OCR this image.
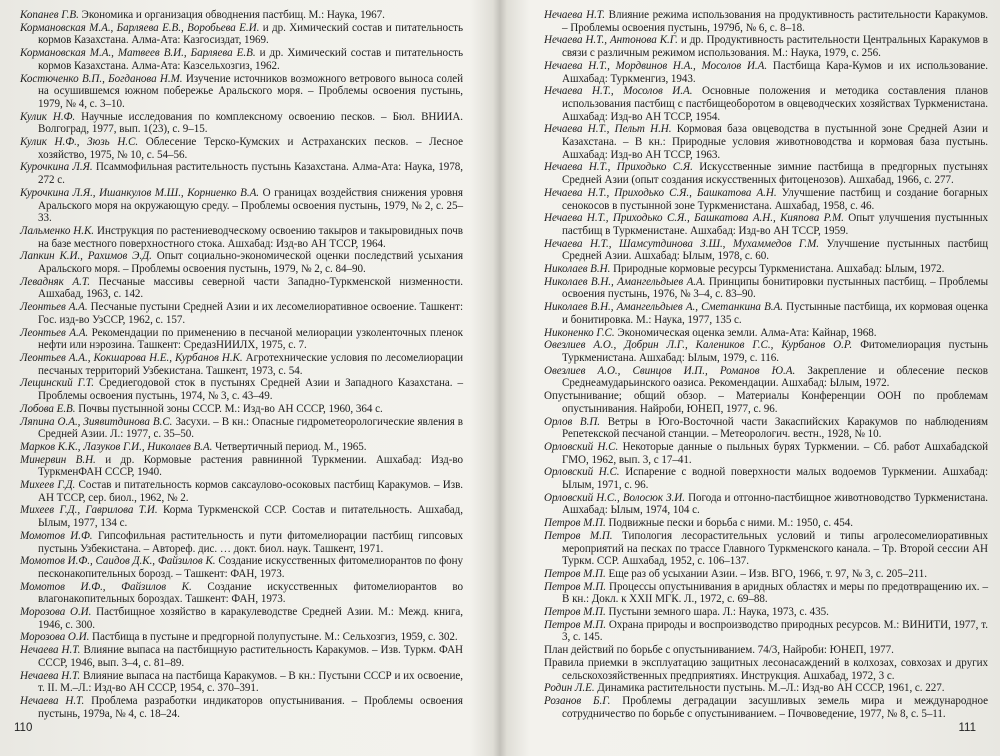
Копанев Г.В. Экономика и организация обводнения пастбищ. М.: Наука, 1967.
Кормановская М.А., Барляева Е.В., Воробьева Е.И. и др. Химический состав и питательность кормов Казахстана. Алма-Ата: Казгосиздат, 1969.
Кормановская М.А., Матвеев В.И., Барляева Е.В. и др. Химический состав и питательность кормов Казахстана. Алма-Ата: Казсельхозгиз, 1962.
Костюченко В.П., Богданова Н.М. Изучение источников возможного ветрового выноса солей на осушившемся южном побережье Аральского моря. – Проблемы освоения пустынь, 1979, № 4, с. 3–10.
Кулик Н.Ф. Научные исследования по комплексному освоению песков. – Бюл. ВНИИА. Волгоград, 1977, вып. 1(23), с. 9–15.
Кулик Н.Ф., Зюзь Н.С. Облесение Терско-Кумских и Астраханских песков. – Лесное хозяйство, 1975, № 10, с. 54–56.
Курочкина Л.Я. Псаммофильная растительность пустынь Казахстана. Алма-Ата: Наука, 1978, 272 с.
Курочкина Л.Я., Ишанкулов М.Ш., Корниенко В.А. О границах воздействия снижения уровня Аральского моря на окружающую среду. – Проблемы освоения пустынь, 1979, № 2, с. 25–33.
Лальменко Н.К. Инструкция по растениеводческому освоению такыров и такыровидных почв на базе местного поверхностного стока. Ашхабад: Изд-во АН ТССР, 1964.
Лапкин К.И., Рахимов Э.Д. Опыт социально-экономической оценки последствий усыхания Аральского моря. – Проблемы освоения пустынь, 1979, № 2, с. 84–90.
Левадняк А.Т. Песчаные массивы северной части Западно-Туркменской низменности. Ашхабад, 1963, с. 142.
Леонтьев А.А. Песчаные пустыни Средней Азии и их лесомелиоративное освоение. Ташкент: Гос. изд-во УзССР, 1962, с. 157.
Леонтьев А.А. Рекомендации по применению в песчаной мелиорации узколенточных пленок нефти или нэрозина. Ташкент: СредазНИИЛХ, 1975, с. 7.
Леонтьев А.А., Кокшарова Н.Е., Курбанов Н.К. Агротехнические условия по лесомелиорации песчаных территорий Узбекистана. Ташкент, 1973, с. 54.
Лещинский Г.Т. Средиегодовой сток в пустынях Средней Азии и Западного Казахстана. – Проблемы освоения пустынь, 1974, № 3, с. 43–49.
Лобова Е.В. Почвы пустынной зоны СССР. М.: Изд-во АН СССР, 1960, 364 с.
Ляпина О.А., Зиявитдинова В.С. Засухи. – В кн.: Опасные гидрометеорологические явления в Средней Азии. Л.: 1977, с. 35–50.
Марков К.К., Лазуков Г.И., Николаев В.А. Четвертичный период. М., 1965.
Минервин В.Н. и др. Кормовые растения равнинной Туркмении. Ашхабад: Изд-во ТуркменФАН СССР, 1940.
Михеев Г.Д. Состав и питательность кормов саксаулово-осоковых пастбищ Каракумов. – Изв. АН ТССР, сер. биол., 1962, № 2.
Михеев Г.Д., Гаврилова Т.И. Корма Туркменской ССР. Состав и питательность. Ашхабад, Ылым, 1977, 134 с.
Момотов И.Ф. Гипсофильная растительность и пути фитомелиорации пастбищ гипсовых пустынь Узбекистана. – Автореф. дис. … докт. биол. наук. Ташкент, 1971.
Момотов И.Ф., Саидов Д.К., Файзилов К. Создание искусственных фитомелиорантов по фону песконакопительных борозд. – Ташкент: ФАН, 1973.
Момотов И.Ф., Файзилов К. Создание искусственных фитомелиорантов во влагонакопительных бороздах. Ташкент: ФАН, 1973.
Морозова О.И. Пастбищное хозяйство в каракулеводстве Средней Азии. М.: Межд. книга, 1946, с. 300.
Морозова О.И. Пастбища в пустыне и предгорной полупустыне. М.: Сельхозгиз, 1959, с. 302.
Нечаева Н.Т. Влияние выпаса на пастбищную растительность Каракумов. – Изв. Туркм. ФАН СССР, 1946, вып. 3–4, с. 81–89.
Нечаева Н.Т. Влияние выпаса на пастбища Каракумов. – В кн.: Пустыни СССР и их освоение, т. II. М.–Л.: Изд-во АН СССР, 1954, с. 370–391.
Нечаева Н.Т. Проблема разработки индикаторов опустынивания. – Проблемы освоения пустынь, 1979а, № 4, с. 18–24.
110
Нечаева Н.Т. Влияние режима использования на продуктивность растительности Каракумов. – Проблемы освоения пустынь, 1979б, № 6, с. 8–18.
Нечаева Н.Т., Антонова К.Г. и др. Продуктивность растительности Центральных Каракумов в связи с различным режимом использования. М.: Наука, 1979, с. 256.
Нечаева Н.Т., Мордвинов Н.А., Мосолов И.А. Пастбища Кара-Кумов и их использование. Ашхабад: Туркменгиз, 1943.
Нечаева Н.Т., Мосолов И.А. Основные положения и методика составления планов использования пастбищ с пастбищеоборотом в овцеводческих хозяйствах Туркменистана. Ашхабад: Изд-во АН ТССР, 1954.
Нечаева Н.Т., Пельт Н.Н. Кормовая база овцеводства в пустынной зоне Средней Азии и Казахстана. – В кн.: Природные условия животноводства и кормовая база пустынь. Ашхабад: Изд-во АН ТССР, 1963.
Нечаева Н.Т., Приходько С.Я. Искусственные зимние пастбища в предгорных пустынях Средней Азии (опыт создания искусственных фитоценозов). Ашхабад, 1966, с. 277.
Нечаева Н.Т., Приходько С.Я., Башкатова А.Н. Улучшение пастбищ и создание богарных сенокосов в пустынной зоне Туркменистана. Ашхабад, 1958, с. 46.
Нечаева Н.Т., Приходько С.Я., Башкатова А.Н., Кияпова Р.М. Опыт улучшения пустынных пастбищ в Туркменистане. Ашхабад: Изд-во АН ТССР, 1959.
Нечаева Н.Т., Шамсутдинова З.Ш., Мухаммедов Г.М. Улучшение пустынных пастбищ Средней Азии. Ашхабад: Ылым, 1978, с. 60.
Николаев В.Н. Природные кормовые ресурсы Туркменистана. Ашхабад: Ылым, 1972.
Николаев В.Н., Амангельдыев А.А. Принципы бонитировки пустынных пастбищ. – Проблемы освоения пустынь, 1976, № 3–4, с. 83–90.
Николаев В.Н., Амангельдыев А., Сметанкина В.А. Пустынные пастбища, их кормовая оценка и бонитировка. М.: Наука, 1977, 135 с.
Никоненко Г.С. Экономическая оценка земли. Алма-Ата: Кайнар, 1968.
Овезлиев А.О., Добрин Л.Г., Калеников Г.С., Курбанов О.Р. Фитомелиорация пустынь Туркменистана. Ашхабад: Ылым, 1979, с. 116.
Овезлиев А.О., Свинцов И.П., Романов Ю.А. Закрепление и облесение песков Среднеамударьинского оазиса. Рекомендации. Ашхабад: Ылым, 1972.
Опустынивание; общий обзор. – Материалы Конференции ООН по проблемам опустынивания. Найроби, ЮНЕП, 1977, с. 96.
Орлов В.П. Ветры в Юго-Восточной части Закаспийских Каракумов по наблюдениям Репетекской песчаной станции. – Метеорологич. вестн., 1928, № 10.
Орловский Н.С. Некоторые данные о пыльных бурях Туркмении. – Сб. работ Ашхабадской ГМО, 1962, вып. 3, с 17–41.
Орловский Н.С. Испарение с водной поверхности малых водоемов Туркмении. Ашхабад: Ылым, 1971, с. 96.
Орловский Н.С., Волосюк З.И. Погода и отгонно-пастбищное животноводство Туркменистана. Ашхабад: Ылым, 1974, 104 с.
Петров М.П. Подвижные пески и борьба с ними. М.: 1950, с. 454.
Петров М.П. Типология лесорастительных условий и типы агролесомелиоративных мероприятий на песках по трассе Главного Туркменского канала. – Тр. Второй сессии АН Туркм. ССР. Ашхабад, 1952, с. 106–137.
Петров М.П. Еще раз об усыхании Азии. – Изв. ВГО, 1966, т. 97, № 3, с. 205–211.
Петров М.П. Процессы опустынивания в аридных областях и меры по предотвращению их. – В кн.: Докл. к XXII МГК. Л., 1972, с. 69–88.
Петров М.П. Пустыни земного шара. Л.: Наука, 1973, с. 435.
Петров М.П. Охрана природы и воспроизводство природных ресурсов. М.: ВИНИТИ, 1977, т. 3, с. 145.
План действий по борьбе с опустыниванием. 74/3, Найроби: ЮНЕП, 1977.
Правила приемки в эксплуатацию защитных лесонасаждений в колхозах, совхозах и других сельскохозяйственных предприятиях. Инструкция. Ашхабад, 1972, 3 с.
Родин Л.Е. Динамика растительности пустынь. М.–Л.: Изд-во АН СССР, 1961, с. 227.
Розанов Б.Г. Проблемы деградации засушливых земель мира и международное сотрудничество по борьбе с опустыниванием. – Почвоведение, 1977, № 8, с. 5–11.
111
